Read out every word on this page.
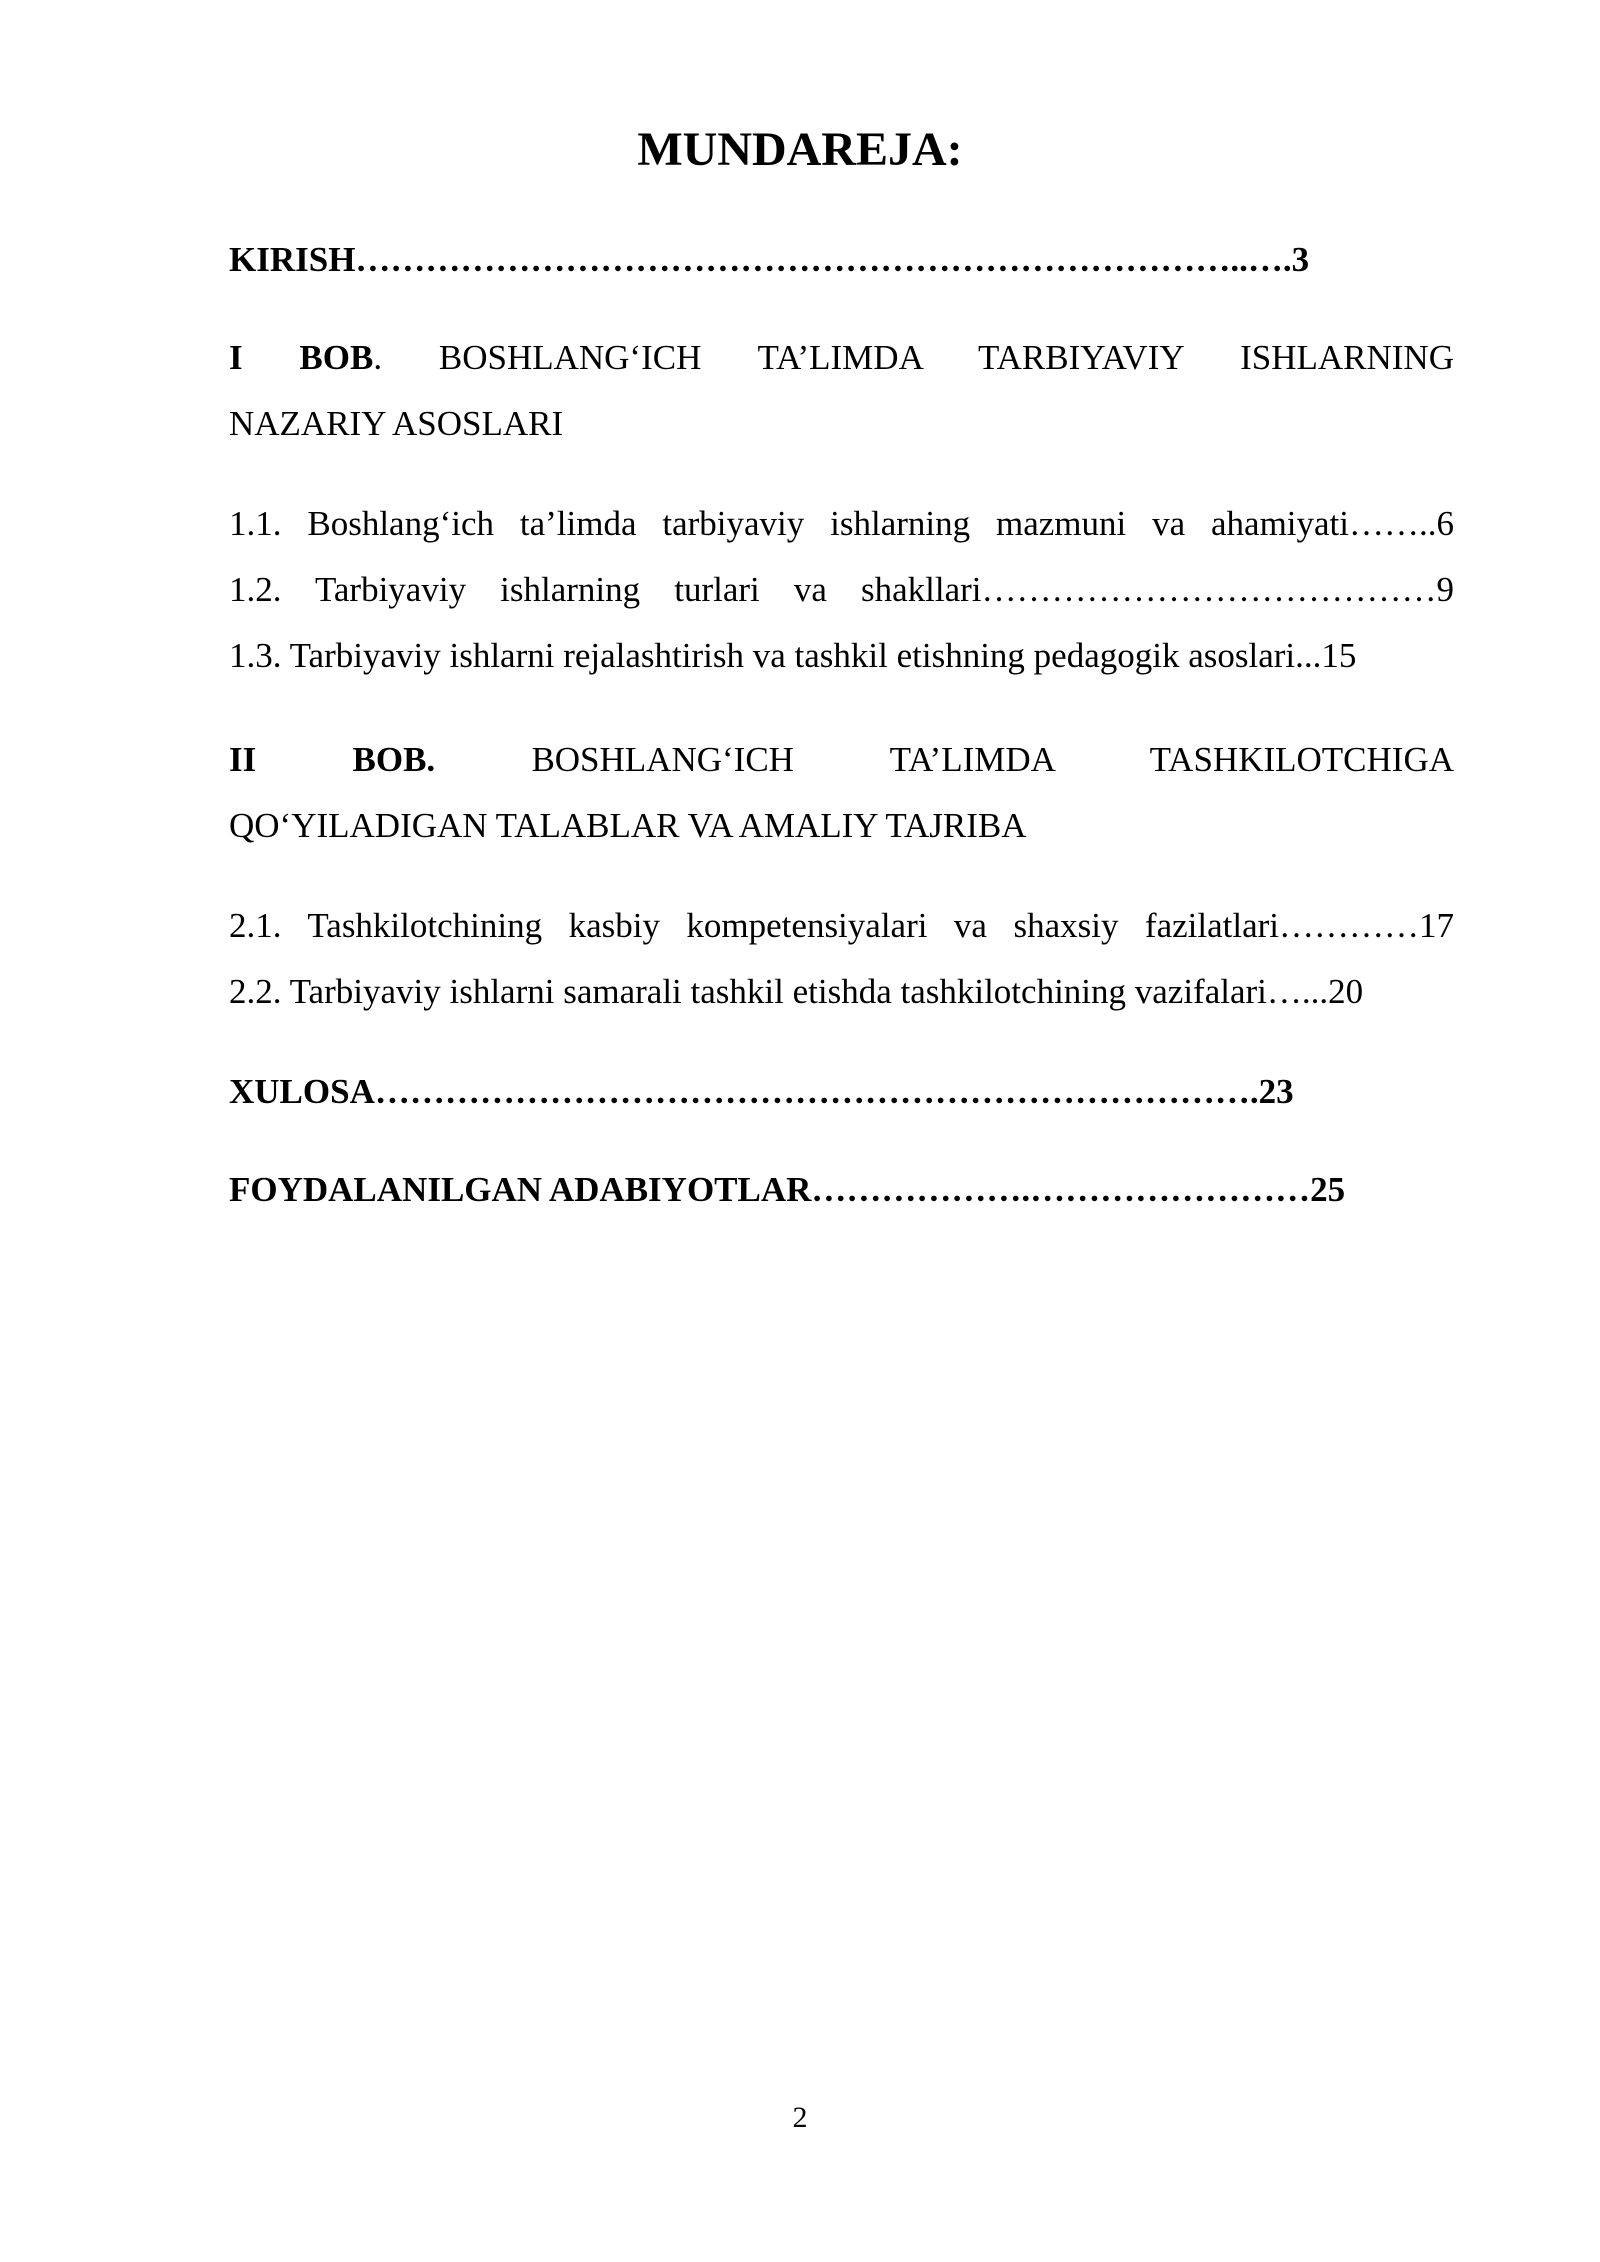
MUNDAREJA:
KIRISH…………………………………………………………………..….3
I BOB. BOSHLANG‘ICH TA’LIMDA TARBIYAVIY ISHLARNING
NAZARIY ASOSLARI
1.1. Boshlang‘ich ta’limda tarbiyaviy ishlarning mazmuni va ahamiyati……..6
1.2. Tarbiyaviy ishlarning turlari va shakllari…………………………………9
1.3. Tarbiyaviy ishlarni rejalashtirish va tashkil etishning pedagogik asoslari...15
II BOB.	BOSHLANG‘ICH TA’LIMDA TASHKILOTCHIGA
QO‘YILADIGAN TALABLAR VA AMALIY TAJRIBA
2.1. Tashkilotchining kasbiy kompetensiyalari va shaxsiy fazilatlari…………17
2.2. Tarbiyaviy ishlarni samarali tashkil etishda tashkilotchining vazifalari…...20
XULOSA………………………………………………………………….23
FOYDALANILGAN ADABIYOTLAR……………….……………………25
2
